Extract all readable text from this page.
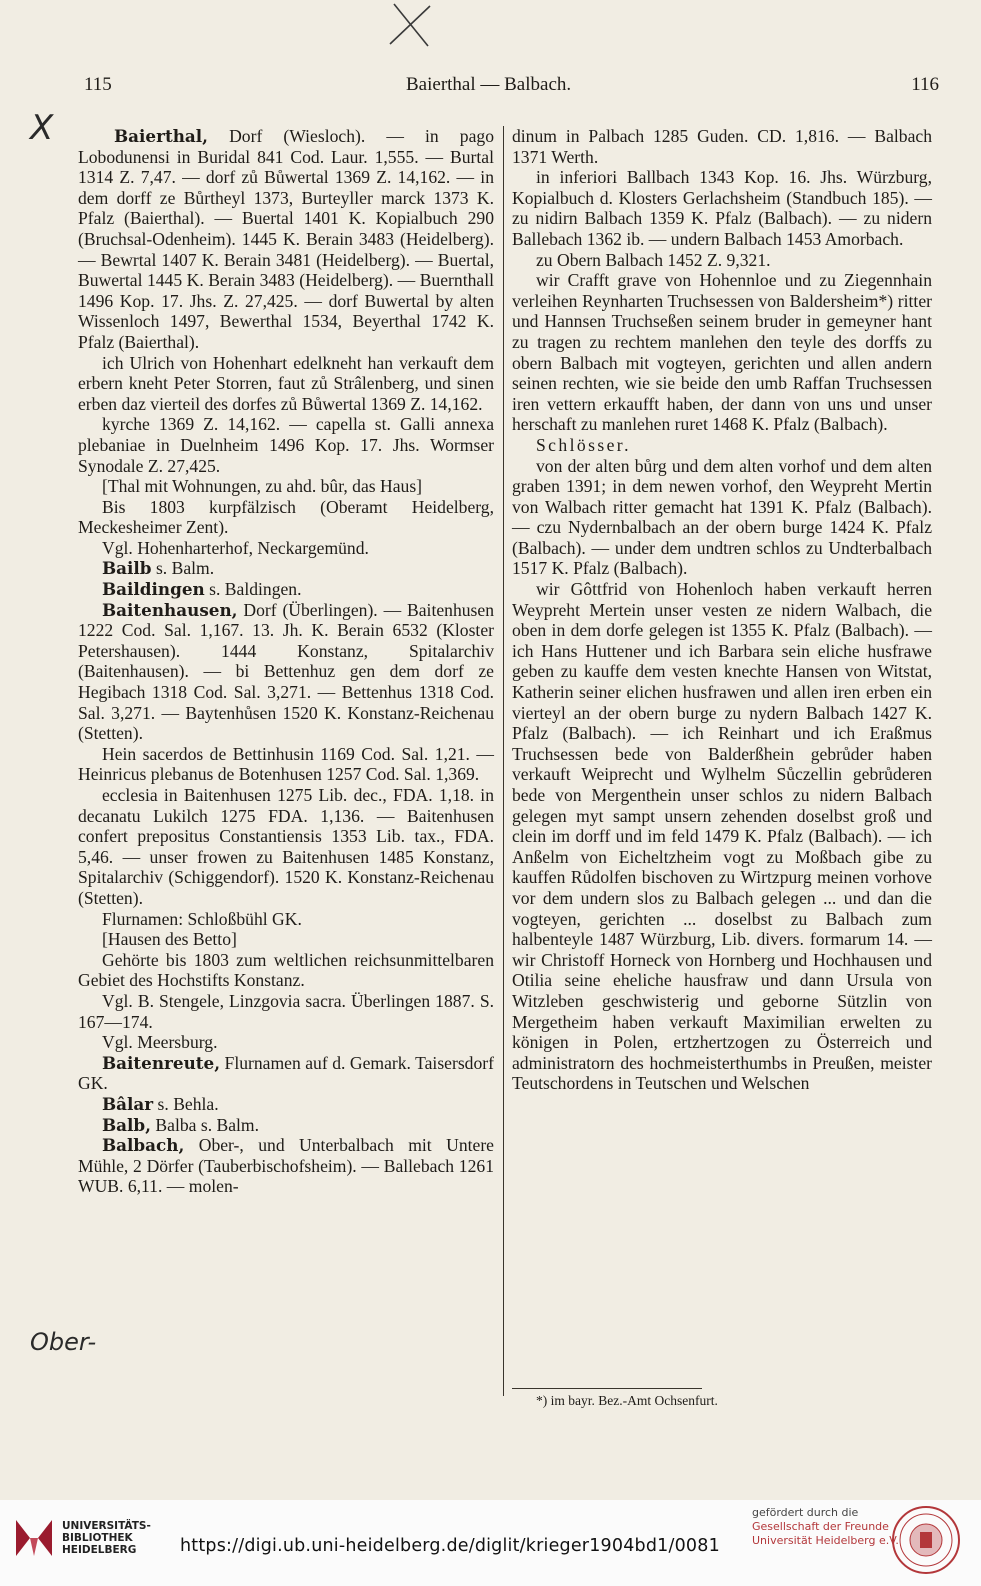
115	Baierthal — Balbach.	116
X
Ober-

Baierthal, Dorf (Wiesloch). — in pago Lobodunensi in Buridal 841 Cod. Laur. 1,555. — Burtal 1314 Z. 7,47. — dorf zů Bůwertal 1369 Z. 14,162. — in dem dorff ze Bůrtheyl 1373, Burteyller marck 1373 K. Pfalz (Baierthal). — Buertal 1401 K. Kopialbuch 290 (Bruchsal-Odenheim). 1445 K. Berain 3483 (Heidelberg). — Bewrtal 1407 K. Berain 3481 (Heidelberg). — Buertal, Buwertal 1445 K. Berain 3483 (Heidelberg). — Buernthall 1496 Kop. 17. Jhs. Z. 27,425. — dorf Buwertal by alten Wissenloch 1497, Bewerthal 1534, Beyerthal 1742 K. Pfalz (Baierthal).

ich Ulrich von Hohenhart edelkneht han verkauft dem erbern kneht Peter Storren, faut zů Strâlenberg, und sinen erben daz vierteil des dorfes zů Bůwertal 1369 Z. 14,162.

kyrche 1369 Z. 14,162. — capella st. Galli annexa plebaniae in Duelnheim 1496 Kop. 17. Jhs. Wormser Synodale Z. 27,425.

[Thal mit Wohnungen, zu ahd. bûr, das Haus]

Bis 1803 kurpfälzisch (Oberamt Heidelberg, Meckesheimer Zent).

Vgl. Hohenharterhof, Neckargemünd.

Bailb s. Balm.

Baildingen s. Baldingen.

Baitenhausen, Dorf (Überlingen). — Baitenhusen 1222 Cod. Sal. 1,167. 13. Jh. K. Berain 6532 (Kloster Petershausen). 1444 Konstanz, Spitalarchiv (Baitenhausen). — bi Bettenhuz gen dem dorf ze Hegibach 1318 Cod. Sal. 3,271. — Bettenhus 1318 Cod. Sal. 3,271. — Baytenhůsen 1520 K. Konstanz-Reichenau (Stetten).

Hein sacerdos de Bettinhusin 1169 Cod. Sal. 1,21. — Heinricus plebanus de Botenhusen 1257 Cod. Sal. 1,369.

ecclesia in Baitenhusen 1275 Lib. dec., FDA. 1,18. in decanatu Lukilch 1275 FDA. 1,136. — Baitenhusen confert prepositus Constantiensis 1353 Lib. tax., FDA. 5,46. — unser frowen zu Baitenhusen 1485 Konstanz, Spitalarchiv (Schiggendorf). 1520 K. Konstanz-Reichenau (Stetten).

Flurnamen: Schloßbühl GK.

[Hausen des Betto]

Gehörte bis 1803 zum weltlichen reichsunmittelbaren Gebiet des Hochstifts Konstanz.

Vgl. B. Stengele, Linzgovia sacra. Überlingen 1887. S. 167—174.

Vgl. Meersburg.

Baitenreute, Flurnamen auf d. Gemark. Taisersdorf GK.

Bâlar s. Behla.

Balb, Balba s. Balm.

Balbach, Ober-, und Unterbalbach mit Untere Mühle, 2 Dörfer (Tauberbischofsheim). — Ballebach 1261 WUB. 6,11. — molen-

dinum in Palbach 1285 Guden. CD. 1,816. — Balbach 1371 Werth.

in inferiori Ballbach 1343 Kop. 16. Jhs. Würzburg, Kopialbuch d. Klosters Gerlachsheim (Standbuch 185). — zu nidirn Balbach 1359 K. Pfalz (Balbach). — zu nidern Ballebach 1362 ib. — undern Balbach 1453 Amorbach.

zu Obern Balbach 1452 Z. 9,321.

wir Crafft grave von Hohennloe und zu Ziegennhain verleihen Reynharten Truchsessen von Baldersheim*) ritter und Hannsen Truchseßen seinem bruder in gemeyner hant zu tragen zu rechtem manlehen den teyle des dorffs zu obern Balbach mit vogteyen, gerichten und allen andern seinen rechten, wie sie beide den umb Raffan Truchsessen iren vettern erkaufft haben, der dann von uns und unser herschaft zu manlehen ruret 1468 K. Pfalz (Balbach).

Schlösser.

von der alten bůrg und dem alten vorhof und dem alten graben 1391; in dem newen vorhof, den Weypreht Mertin von Walbach ritter gemacht hat 1391 K. Pfalz (Balbach). — czu Nydernbalbach an der obern burge 1424 K. Pfalz (Balbach). — under dem undtren schlos zu Undterbalbach 1517 K. Pfalz (Balbach).

wir Gôttfrid von Hohenloch haben verkauft herren Weypreht Mertein unser vesten ze nidern Walbach, die oben in dem dorfe gelegen ist 1355 K. Pfalz (Balbach). — ich Hans Huttener und ich Barbara sein eliche husfrawe geben zu kauffe dem vesten knechte Hansen von Witstat, Katherin seiner elichen husfrawen und allen iren erben ein vierteyl an der obern burge zu nydern Balbach 1427 K. Pfalz (Balbach). — ich Reinhart und ich Eraßmus Truchsessen bede von Balderßhein gebrůder haben verkauft Weiprecht und Wylhelm Sůczellin gebrůderen bede von Mergenthein unser schlos zu nidern Balbach gelegen myt sampt unsern zehenden doselbst groß und clein im dorff und im feld 1479 K. Pfalz (Balbach). — ich Anßelm von Eicheltzheim vogt zu Moßbach gibe zu kauffen Růdolfen bischoven zu Wirtzpurg meinen vorhove vor dem undern slos zu Balbach gelegen ... und dan die vogteyen, gerichten ... doselbst zu Balbach zum halbenteyle 1487 Würzburg, Lib. divers. formarum 14. — wir Christoff Horneck von Hornberg und Hochhausen und Otilia seine eheliche hausfraw und dann Ursula von Witzleben geschwisterig und geborne Sützlin von Mergetheim haben verkauft Maximilian erwelten zu königen in Polen, ertzhertzogen zu Österreich und administratorn des hochmeisterthumbs in Preußen, meister Teutschordens in Teutschen und Welschen

*) im bayr. Bez.-Amt Ochsenfurt.
UNIVERSITÄTS-
BIBLIOTHEK
HEIDELBERG	https://digi.ub.uni-heidelberg.de/diglit/krieger1904bd1/0081
gefördert durch die
Gesellschaft der Freunde
Universität Heidelberg e.V.
